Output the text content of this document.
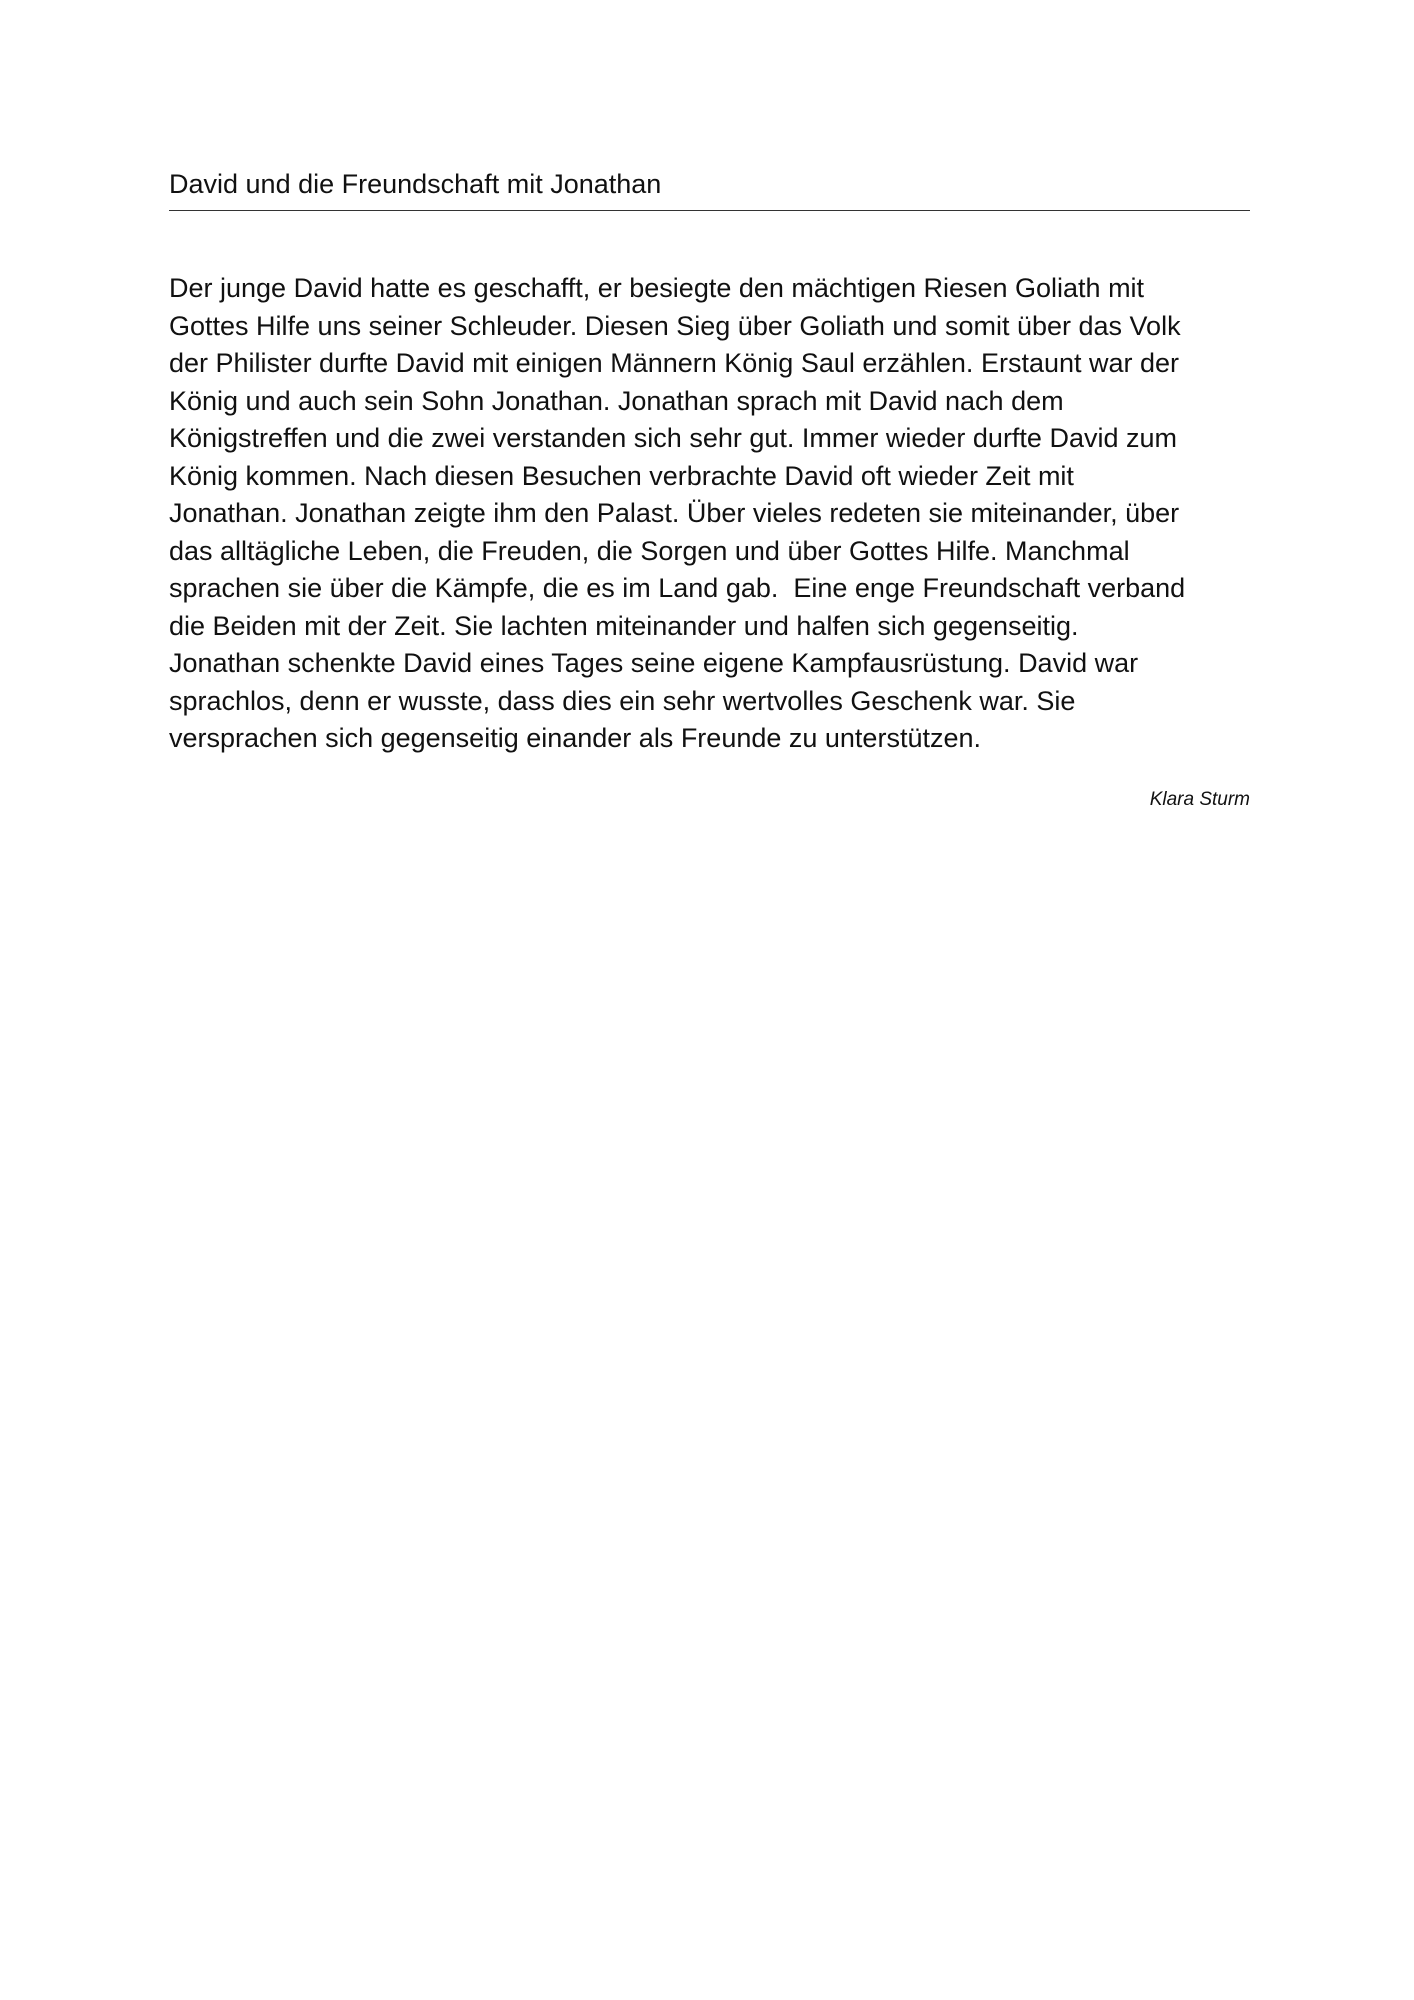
David und die Freundschaft mit Jonathan
Der junge David hatte es geschafft, er besiegte den mächtigen Riesen Goliath mit
Gottes Hilfe uns seiner Schleuder. Diesen Sieg über Goliath und somit über das Volk
der Philister durfte David mit einigen Männern König Saul erzählen. Erstaunt war der
König und auch sein Sohn Jonathan. Jonathan sprach mit David nach dem
Königstreffen und die zwei verstanden sich sehr gut. Immer wieder durfte David zum
König kommen. Nach diesen Besuchen verbrachte David oft wieder Zeit mit
Jonathan. Jonathan zeigte ihm den Palast. Über vieles redeten sie miteinander, über
das alltägliche Leben, die Freuden, die Sorgen und über Gottes Hilfe. Manchmal
sprachen sie über die Kämpfe, die es im Land gab.  Eine enge Freundschaft verband
die Beiden mit der Zeit. Sie lachten miteinander und halfen sich gegenseitig.
Jonathan schenkte David eines Tages seine eigene Kampfausrüstung. David war
sprachlos, denn er wusste, dass dies ein sehr wertvolles Geschenk war. Sie
versprachen sich gegenseitig einander als Freunde zu unterstützen.
Klara Sturm
